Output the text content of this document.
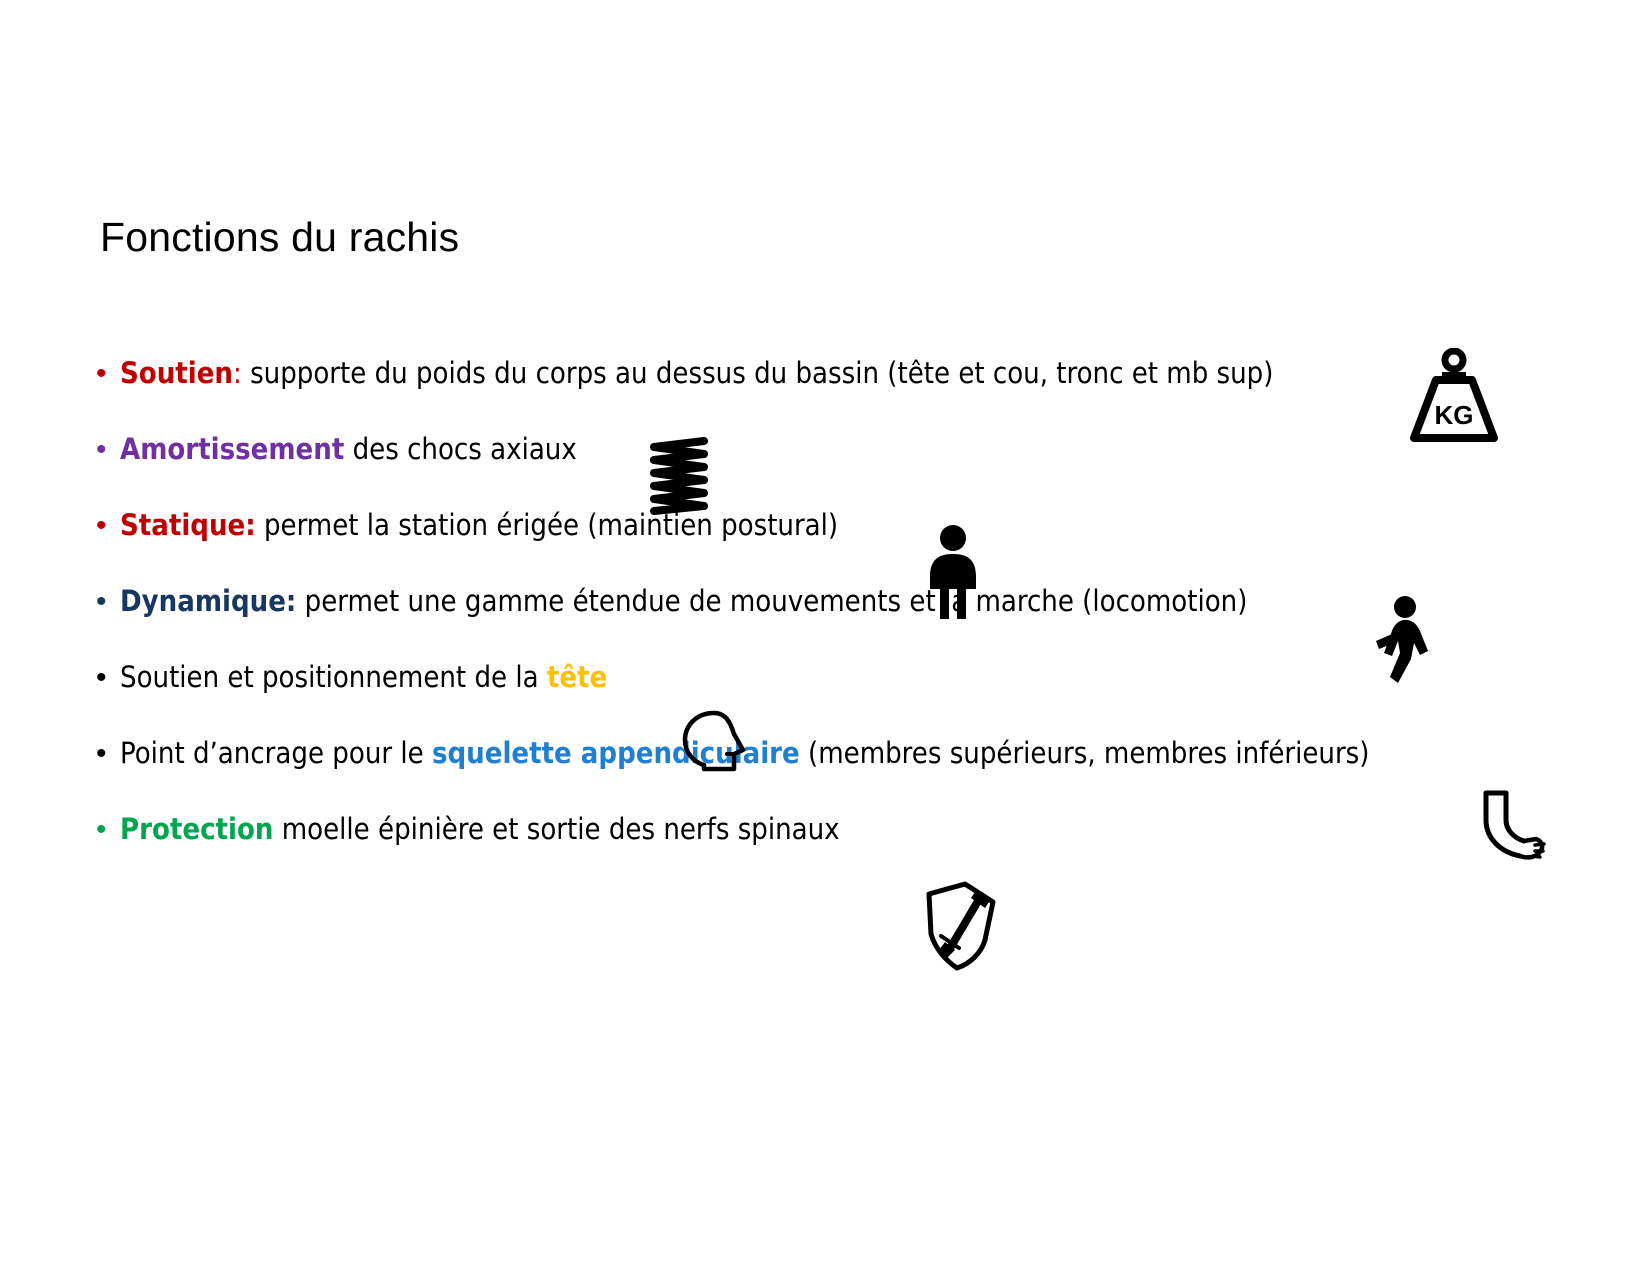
Fonctions du rachis
• Soutien: supporte du poids du corps au dessus du bassin (tête et cou, tronc et mb sup)
• Amortissement des chocs axiaux
• Statique: permet la station érigée (maintien postural)
• Dynamique: permet une gamme étendue de mouvements et la marche (locomotion)
• Soutien et positionnement de la tête
• Point d’ancrage pour le squelette appendiculaire (membres supérieurs, membres inférieurs)
• Protection moelle épinière et sortie des nerfs spinaux
KG
